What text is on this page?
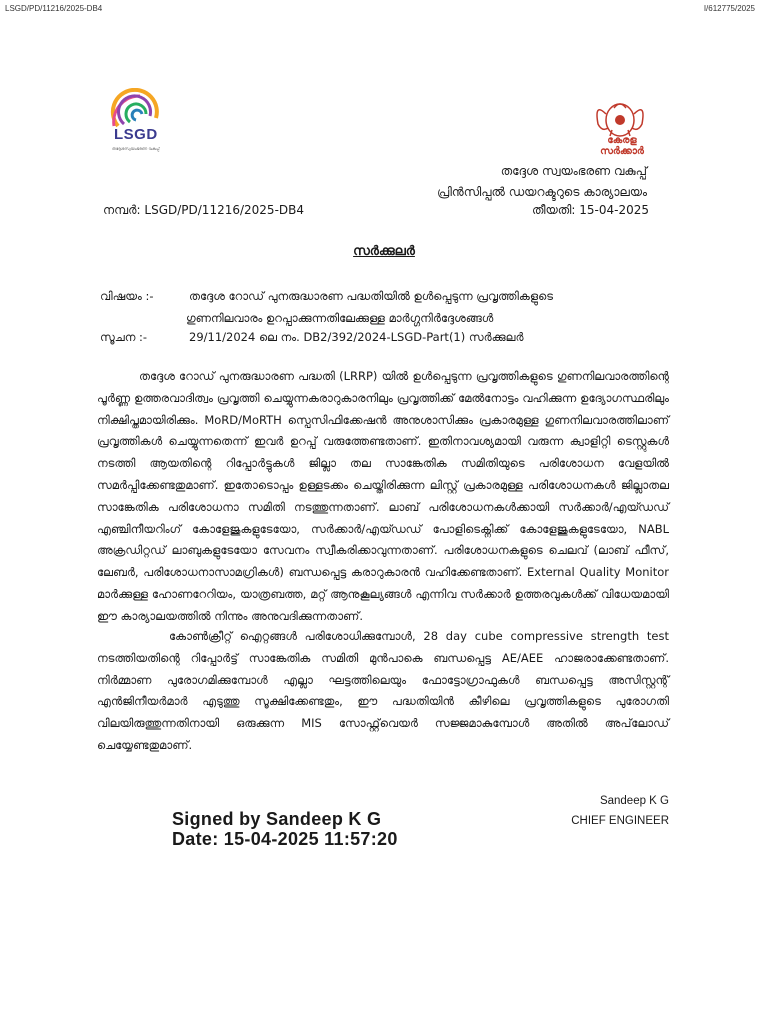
LSGD/PD/11216/2025-DB4	I/612775/2025
LSGD
തദ്ദേശസ്വയംഭരണ വകുപ്പ്
കേരള സർക്കാർ
തദ്ദേശ സ്വയംഭരണ വകുപ്പ്
പ്രിൻസിപ്പൽ ഡയറക്ടറുടെ കാര്യാലയം
നമ്പർ: LSGD/PD/11216/2025-DB4	തീയതി: 15-04-2025
സർക്കുലർ
വിഷയം :-	തദ്ദേശ റോഡ് പുനരുദ്ധാരണ പദ്ധതിയിൽ ഉൾപ്പെടുന്ന പ്രവൃത്തികളുടെ
ഗുണനിലവാരം ഉറപ്പാക്കുന്നതിലേക്കുള്ള മാർഗ്ഗനിർദ്ദേശങ്ങൾ
സൂചന :-	29/11/2024 ലെ നം. DB2/392/2024-LSGD-Part(1) സർക്കുലർ
തദ്ദേശ റോഡ് പുനരുദ്ധാരണ പദ്ധതി (LRRP) യിൽ ഉൾപ്പെടുന്ന പ്രവൃത്തികളുടെ ഗുണനിലവാരത്തിന്റെ പൂർണ്ണ ഉത്തരവാദിത്വം പ്രവൃത്തി ചെയ്യുന്നകരാറുകാരനിലും പ്രവൃത്തിക്ക് മേൽനോട്ടം വഹിക്കുന്ന ഉദ്യോഗസ്ഥരിലും നിക്ഷിപ്തമായിരിക്കും. MoRD/MoRTH സ്പെസിഫിക്കേഷൻ അനുശാസിക്കും പ്രകാരമുള്ള ഗുണനിലവാരത്തിലാണ് പ്രവൃത്തികൾ ചെയ്യുന്നതെന്ന് ഇവർ ഉറപ്പ് വരുത്തേണ്ടതാണ്. ഇതിനാവശ്യമായി വരുന്ന ക്വാളിറ്റി ടെസ്റ്റുകൾ നടത്തി ആയതിന്റെ റിപ്പോർട്ടുകൾ ജില്ലാ തല സാങ്കേതിക സമിതിയുടെ പരിശോധന വേളയിൽ സമർപ്പിക്കേണ്ടതുമാണ്. ഇതോടൊപ്പം ഉള്ളടക്കം ചെയ്തിരിക്കുന്ന ലിസ്റ്റ് പ്രകാരമുള്ള പരിശോധനകൾ ജില്ലാതല സാങ്കേതിക പരിശോധനാ സമിതി നടത്തുന്നതാണ്. ലാബ് പരിശോധനകൾക്കായി സർക്കാർ/എയ്ഡഡ് എഞ്ചിനീയറിംഗ് കോളേജുകളുടേയോ, സർക്കാർ/എയ്ഡഡ് പോളിടെക്നിക്ക് കോളേജുകളുടേയോ, NABL അക്രഡിറ്റഡ് ലാബുകളുടേയോ സേവനം സ്വീകരിക്കാവുന്നതാണ്. പരിശോധനകളുടെ ചെലവ് (ലാബ് ഫീസ്, ലേബർ, പരിശോധനാസാമഗ്രികൾ) ബന്ധപ്പെട്ട കരാറുകാരൻ വഹിക്കേണ്ടതാണ്. External Quality Monitor മാർക്കുള്ള ഹോണറേറിയം, യാത്രബത്ത, മറ്റ് ആനുകൂല്യങ്ങൾ എന്നിവ സർക്കാർ ഉത്തരവുകൾക്ക് വിധേയമായി ഈ കാര്യാലയത്തിൽ നിന്നും അനുവദിക്കുന്നതാണ്.
കോൺക്രീറ്റ് ഐറ്റങ്ങൾ പരിശോധിക്കുമ്പോൾ, 28 day cube compressive strength test നടത്തിയതിന്റെ റിപ്പോർട്ട് സാങ്കേതിക സമിതി മുൻപാകെ ബന്ധപ്പെട്ട AE/AEE ഹാജരാക്കേണ്ടതാണ്. നിർമ്മാണ പുരോഗമിക്കുമ്പോൾ എല്ലാ ഘട്ടത്തിലെയും ഫോട്ടോഗ്രാഫുകൾ ബന്ധപ്പെട്ട അസിസ്റ്റന്റ് എൻജിനീയർമാർ എടുത്തു സൂക്ഷിക്കേണ്ടതും, ഈ പദ്ധതിയിൻ കീഴിലെ പ്രവൃത്തികളുടെ പുരോഗതി വിലയിരുത്തുന്നതിനായി ഒരുക്കുന്ന MIS സോഫ്റ്റ്‌വെയർ സജ്ജമാകുമ്പോൾ അതിൽ അപ്‌ലോഡ് ചെയ്യേണ്ടതുമാണ്.
Sandeep K G
CHIEF ENGINEER
Signed by Sandeep K G
Date: 15-04-2025 11:57:20
